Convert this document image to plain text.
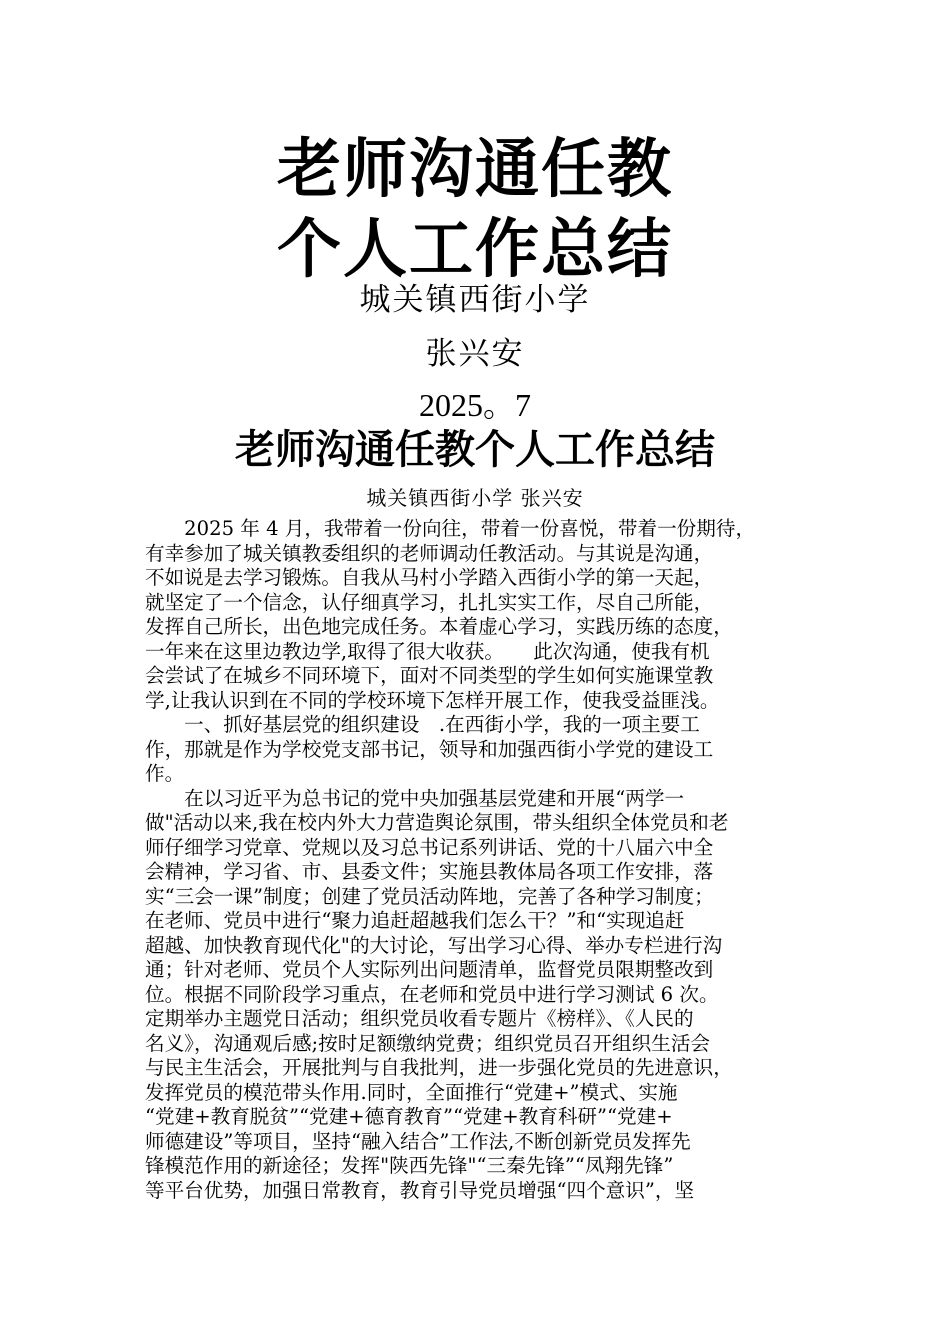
老师沟通任教
个人工作总结
城关镇西街小学
张兴安
2025。7
老师沟通任教个人工作总结
城关镇西街小学 张兴安
　　2025 年 4 月，我带着一份向往，带着一份喜悦，带着一份期待，
有幸参加了城关镇教委组织的老师调动任教活动。与其说是沟通，
不如说是去学习锻炼。自我从马村小学踏入西街小学的第一天起，
就坚定了一个信念，认仔细真学习，扎扎实实工作，尽自己所能，
发挥自己所长，出色地完成任务。本着虚心学习，实践历练的态度，
一年来在这里边教边学,取得了很大收获。　　此次沟通，使我有机
会尝试了在城乡不同环境下，面对不同类型的学生如何实施课堂教
学,让我认识到在不同的学校环境下怎样开展工作，使我受益匪浅。
　　一、抓好基层党的组织建设　.在西街小学，我的一项主要工
作，那就是作为学校党支部书记，领导和加强西街小学党的建设工
作。
　　在以习近平为总书记的党中央加强基层党建和开展“两学一
做"活动以来,我在校内外大力营造舆论氛围，带头组织全体党员和老
师仔细学习党章、党规以及习总书记系列讲话、党的十八届六中全
会精神，学习省、市、县委文件；实施县教体局各项工作安排，落
实“三会一课”制度；创建了党员活动阵地，完善了各种学习制度；
在老师、党员中进行“聚力追赶超越我们怎么干？”和“实现追赶
超越、加快教育现代化"的大讨论，写出学习心得、举办专栏进行沟
通；针对老师、党员个人实际列出问题清单，监督党员限期整改到
位。根据不同阶段学习重点，在老师和党员中进行学习测试 6 次。
定期举办主题党日活动；组织党员收看专题片《榜样》、《人民的
名义》，沟通观后感;按时足额缴纳党费；组织党员召开组织生活会
与民主生活会，开展批判与自我批判，进一步强化党员的先进意识，
发挥党员的模范带头作用.同时，全面推行“党建+”模式、实施
“党建+教育脱贫”“党建+德育教育”“党建+教育科研”“党建+
师德建设”等项目，坚持“融入结合”工作法,不断创新党员发挥先
锋模范作用的新途径；发挥"陕西先锋"“三秦先锋”“凤翔先锋”
等平台优势，加强日常教育，教育引导党员增强“四个意识”，坚
